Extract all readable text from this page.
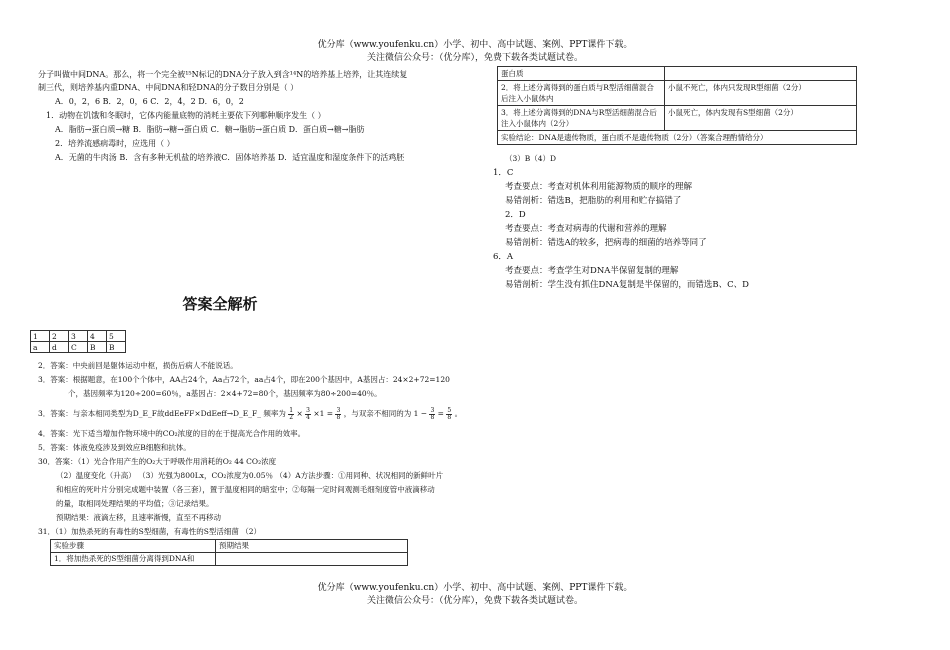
优分库（www.youfenku.cn）小学、初中、高中试题、案例、PPT课件下载。
关注微信公众号：（优分库），免费下载各类试题试卷。
分子叫做中间DNA。那么，将一个完全被¹⁵N标记的DNA分子放入到含¹⁴N的培养基上培养，让其连续复
制三代，则培养基内重DNA、中间DNA和轻DNA的分子数目分别是（ ）
A．0，2，6 B．2，0，6 C．2，4，2 D．6，0，2
1．动物在饥饿和冬眠时，它体内能量底物的消耗主要依下列哪种顺序发生（ ）
A．脂肪→蛋白质→糖 B．脂肪→糖→蛋白质 C．糖→脂肪→蛋白质 D．蛋白质→糖→脂肪
2．培养流感病毒时，应选用（ ）
A．无菌的牛肉汤 B．含有多种无机盐的培养液C．固体培养基 D．适宜温度和湿度条件下的活鸡胚
答案全解析
1	2	3	4	5
a	d	C	B	B
2．答案：中央前回是躯体运动中枢，损伤后病人不能说话。
3．答案：根据题意，在100个个体中，AA占24个，Aa占72个，aa占4个，即在200个基因中，A基因占：24×2+72=120
个，基因频率为120÷200=60％，a基因占：2×4+72=80个，基因频率为80÷200=40％。
3．答案：与亲本相同类型为D_E_F故ddEeFF×DdEeff→D_E_F_ 频率为 $\frac{1}{2} \times \frac{3}{4} \times 1 = \frac{3}{8}$ ，与双亲不相同的为 $1 - \frac{3}{8} = \frac{5}{8}$ 。
4．答案：光下适当增加作物环境中的CO₂浓度的目的在于提高光合作用的效率。
5．答案：体液免疫涉及到效应B细胞和抗体。
30．答案：（1）光合作用产生的O₂大于呼吸作用消耗的O₂ 44 CO₂浓度
（2）温度变化（升高） （3）光强为800Lx，CO₂浓度为0.05％ （4）A方法步骤：①用同种、状况相同的新鲜叶片
和相应的死叶片分别完成题中装置（各三套），置于温度相同的暗室中；②每隔一定时间观测毛细刻度管中液滴移动
的量，取相同处理结果的平均值；③记录结果。
预期结果：液滴左移，且速率渐慢，直至不再移动
31．（1）加热杀死的有毒性的S型细菌，有毒性的S型活细菌 （2）
实验步骤	预期结果
1．将加热杀死的S型细菌分离得到DNA和	
蛋白质	
2．将上述分离得到的蛋白质与R型活细菌混合后注入小鼠体内	小鼠不死亡，体内只发现R型细菌（2分）
3．将上述分离得到的DNA与R型活细菌混合后注入小鼠体内（2分）	小鼠死亡，体内发现有S型细菌（2分）
实验结论：DNA是遗传物质，蛋白质不是遗传物质（2分）（答案合理酌情给分）	
（3）B（4）D
1．C
考查要点：考查对机体利用能源物质的顺序的理解
易错剖析：错选B，把脂肪的利用和贮存搞错了
2．D
考查要点：考查对病毒的代谢和营养的理解
易错剖析：错选A的较多，把病毒的细菌的培养等同了
6．A
考查要点：考查学生对DNA半保留复制的理解
易错剖析：学生没有抓住DNA复制是半保留的，而错选B、C、D
优分库（www.youfenku.cn）小学、初中、高中试题、案例、PPT课件下载。
关注微信公众号：（优分库），免费下载各类试题试卷。
